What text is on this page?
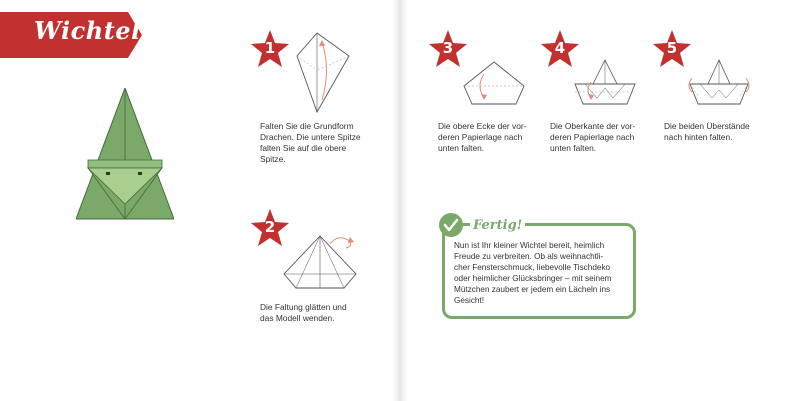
Wichtel
1
Falten Sie die Grundform
Drachen. Die untere Spitze
falten Sie auf die obere
Spitze.
2
Die Faltung glätten und
das Modell wenden.
3
Die obere Ecke der vor-
deren Papierlage nach
unten falten.
4
Die Oberkante der vor-
deren Papierlage nach
unten falten.
5
Die beiden Überstände
nach hinten falten.
Fertig!
Nun ist Ihr kleiner Wichtel bereit, heimlich
Freude zu verbreiten. Ob als weihnachtli-
cher Fensterschmuck, liebevolle Tischdeko
oder heimlicher Glücksbringer – mit seinem
Mützchen zaubert er jedem ein Lächeln ins
Gesicht!
